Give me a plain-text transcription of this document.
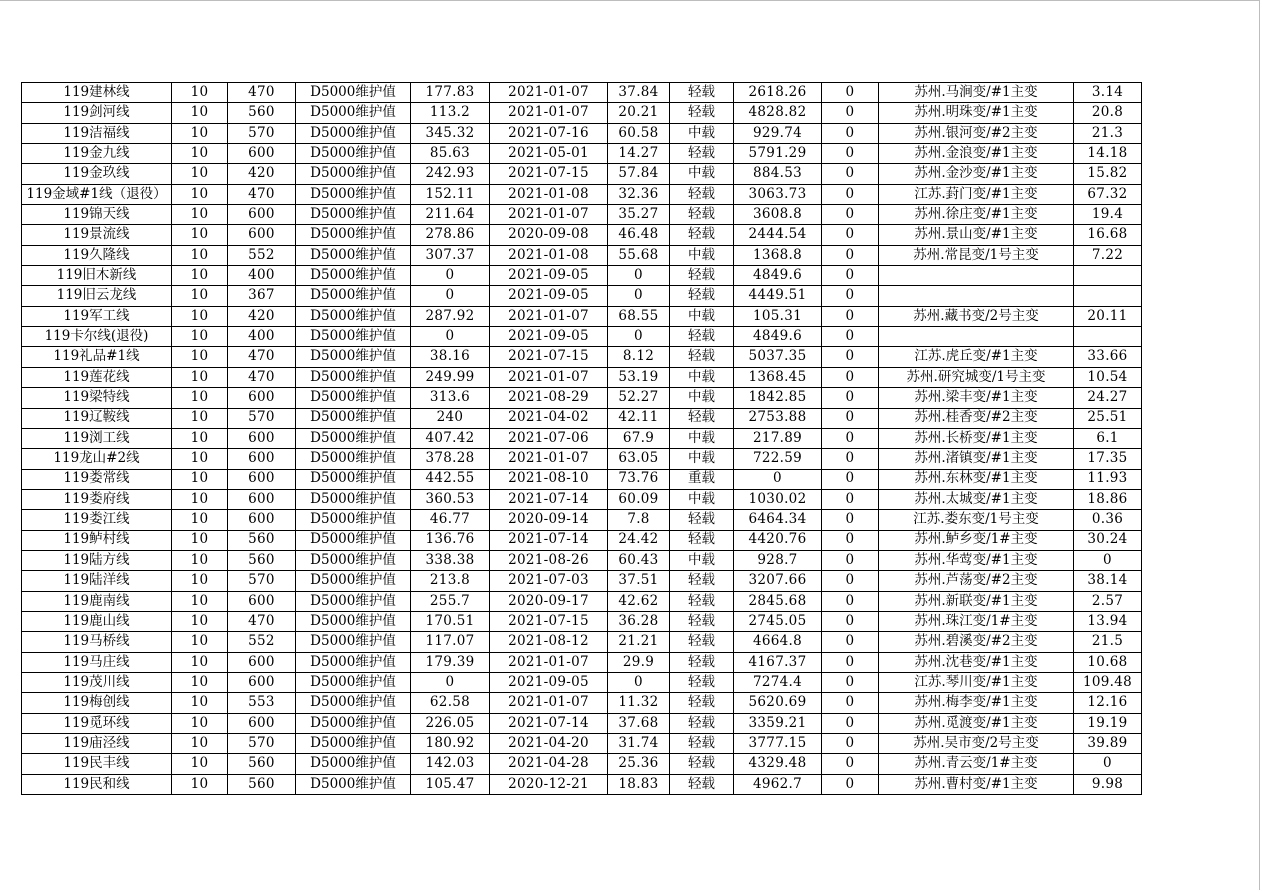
119建林线	10	470	D5000维护值	177.83	2021-01-07	37.84	轻载	2618.26	0	苏州.马涧变/#1主变	3.14
119剑河线	10	560	D5000维护值	113.2	2021-01-07	20.21	轻载	4828.82	0	苏州.明珠变/#1主变	20.8
119洁福线	10	570	D5000维护值	345.32	2021-07-16	60.58	中载	929.74	0	苏州.银河变/#2主变	21.3
119金九线	10	600	D5000维护值	85.63	2021-05-01	14.27	轻载	5791.29	0	苏州.金浪变/#1主变	14.18
119金玖线	10	420	D5000维护值	242.93	2021-07-15	57.84	中载	884.53	0	苏州.金沙变/#1主变	15.82
119金域#1线（退役）	10	470	D5000维护值	152.11	2021-01-08	32.36	轻载	3063.73	0	江苏.葑门变/#1主变	67.32
119锦天线	10	600	D5000维护值	211.64	2021-01-07	35.27	轻载	3608.8	0	苏州.徐庄变/#1主变	19.4
119景流线	10	600	D5000维护值	278.86	2020-09-08	46.48	轻载	2444.54	0	苏州.景山变/#1主变	16.68
119久隆线	10	552	D5000维护值	307.37	2021-01-08	55.68	中载	1368.8	0	苏州.常昆变/1号主变	7.22
119旧木新线	10	400	D5000维护值	0	2021-09-05	0	轻载	4849.6	0		
119旧云龙线	10	367	D5000维护值	0	2021-09-05	0	轻载	4449.51	0		
119军工线	10	420	D5000维护值	287.92	2021-01-07	68.55	中载	105.31	0	苏州.藏书变/2号主变	20.11
119卡尔线(退役)	10	400	D5000维护值	0	2021-09-05	0	轻载	4849.6	0		
119礼品#1线	10	470	D5000维护值	38.16	2021-07-15	8.12	轻载	5037.35	0	江苏.虎丘变/#1主变	33.66
119莲花线	10	470	D5000维护值	249.99	2021-01-07	53.19	中载	1368.45	0	苏州.研究城变/1号主变	10.54
119梁特线	10	600	D5000维护值	313.6	2021-08-29	52.27	中载	1842.85	0	苏州.梁丰变/#1主变	24.27
119辽鞍线	10	570	D5000维护值	240	2021-04-02	42.11	轻载	2753.88	0	苏州.桂香变/#2主变	25.51
119浏工线	10	600	D5000维护值	407.42	2021-07-06	67.9	中载	217.89	0	苏州.长桥变/#1主变	6.1
119龙山#2线	10	600	D5000维护值	378.28	2021-01-07	63.05	中载	722.59	0	苏州.渚镇变/#1主变	17.35
119娄常线	10	600	D5000维护值	442.55	2021-08-10	73.76	重载	0	0	苏州.东林变/#1主变	11.93
119娄府线	10	600	D5000维护值	360.53	2021-07-14	60.09	中载	1030.02	0	苏州.太城变/#1主变	18.86
119娄江线	10	600	D5000维护值	46.77	2020-09-14	7.8	轻载	6464.34	0	江苏.娄东变/1号主变	0.36
119鲈村线	10	560	D5000维护值	136.76	2021-07-14	24.42	轻载	4420.76	0	苏州.鲈乡变/1#主变	30.24
119陆方线	10	560	D5000维护值	338.38	2021-08-26	60.43	中载	928.7	0	苏州.华莺变/#1主变	0
119陆洋线	10	570	D5000维护值	213.8	2021-07-03	37.51	轻载	3207.66	0	苏州.芦荡变/#2主变	38.14
119鹿南线	10	600	D5000维护值	255.7	2020-09-17	42.62	轻载	2845.68	0	苏州.新联变/#1主变	2.57
119鹿山线	10	470	D5000维护值	170.51	2021-07-15	36.28	轻载	2745.05	0	苏州.珠江变/1#主变	13.94
119马桥线	10	552	D5000维护值	117.07	2021-08-12	21.21	轻载	4664.8	0	苏州.碧溪变/#2主变	21.5
119马庄线	10	600	D5000维护值	179.39	2021-01-07	29.9	轻载	4167.37	0	苏州.沈巷变/#1主变	10.68
119茂川线	10	600	D5000维护值	0	2021-09-05	0	轻载	7274.4	0	江苏.琴川变/#1主变	109.48
119梅创线	10	553	D5000维护值	62.58	2021-01-07	11.32	轻载	5620.69	0	苏州.梅李变/#1主变	12.16
119觅环线	10	600	D5000维护值	226.05	2021-07-14	37.68	轻载	3359.21	0	苏州.觅渡变/#1主变	19.19
119庙泾线	10	570	D5000维护值	180.92	2021-04-20	31.74	轻载	3777.15	0	苏州.吴市变/2号主变	39.89
119民丰线	10	560	D5000维护值	142.03	2021-04-28	25.36	轻载	4329.48	0	苏州.青云变/1#主变	0
119民和线	10	560	D5000维护值	105.47	2020-12-21	18.83	轻载	4962.7	0	苏州.曹村变/#1主变	9.98
